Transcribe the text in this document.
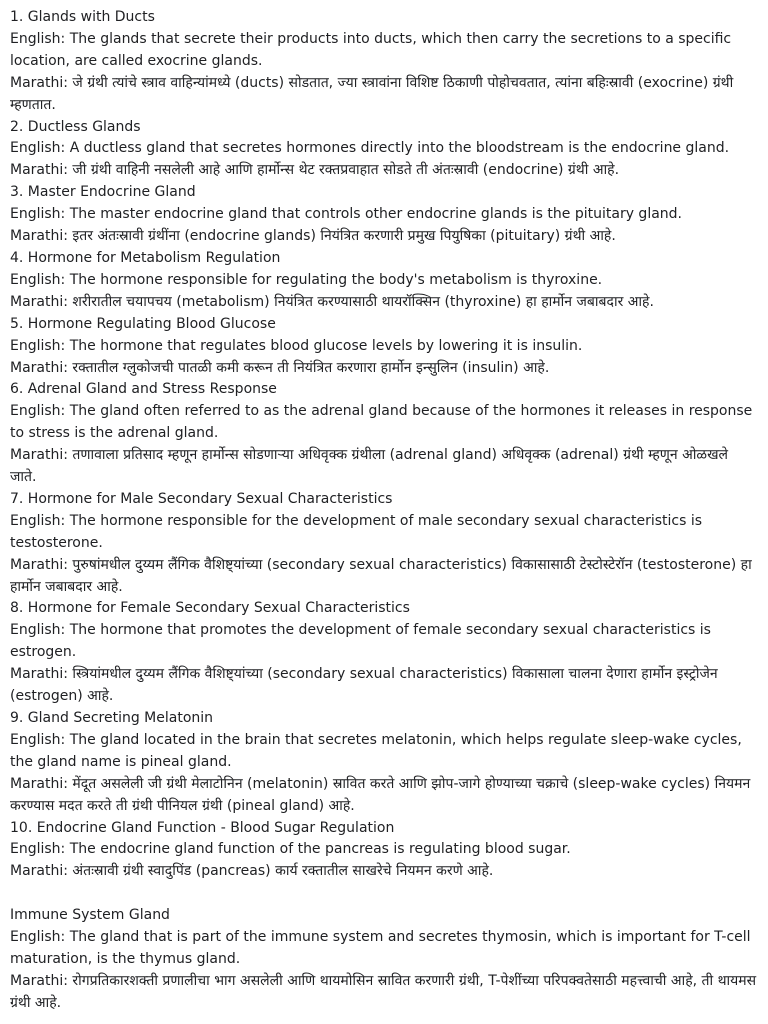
1. Glands with Ducts

English: The glands that secrete their products into ducts, which then carry the secretions to a specific location, are called exocrine glands.

Marathi: जे ग्रंथी त्यांचे स्त्राव वाहिन्यांमध्ये (ducts) सोडतात, ज्या स्त्रावांना विशिष्ट ठिकाणी पोहोचवतात, त्यांना बहिःस्रावी (exocrine) ग्रंथी म्हणतात.

2. Ductless Glands

English: A ductless gland that secretes hormones directly into the bloodstream is the endocrine gland.

Marathi: जी ग्रंथी वाहिनी नसलेली आहे आणि हार्मोन्स थेट रक्तप्रवाहात सोडते ती अंतःस्रावी (endocrine) ग्रंथी आहे.

3. Master Endocrine Gland

English: The master endocrine gland that controls other endocrine glands is the pituitary gland.

Marathi: इतर अंतःस्रावी ग्रंथींना (endocrine glands) नियंत्रित करणारी प्रमुख पियुषिका (pituitary) ग्रंथी आहे.

4. Hormone for Metabolism Regulation

English: The hormone responsible for regulating the body's metabolism is thyroxine.

Marathi: शरीरातील चयापचय (metabolism) नियंत्रित करण्यासाठी थायरॉक्सिन (thyroxine) हा हार्मोन जबाबदार आहे.

5. Hormone Regulating Blood Glucose

English: The hormone that regulates blood glucose levels by lowering it is insulin.

Marathi: रक्तातील ग्लुकोजची पातळी कमी करून ती नियंत्रित करणारा हार्मोन इन्सुलिन (insulin) आहे.

6. Adrenal Gland and Stress Response

English: The gland often referred to as the adrenal gland because of the hormones it releases in response to stress is the adrenal gland.

Marathi: तणावाला प्रतिसाद म्हणून हार्मोन्स सोडणाऱ्या अधिवृक्क ग्रंथीला (adrenal gland) अधिवृक्क (adrenal) ग्रंथी म्हणून ओळखले जाते.

7. Hormone for Male Secondary Sexual Characteristics

English: The hormone responsible for the development of male secondary sexual characteristics is testosterone.

Marathi: पुरुषांमधील दुय्यम लैंगिक वैशिष्ट्यांच्या (secondary sexual characteristics) विकासासाठी टेस्टोस्टेरॉन (testosterone) हा हार्मोन जबाबदार आहे.

8. Hormone for Female Secondary Sexual Characteristics

English: The hormone that promotes the development of female secondary sexual characteristics is estrogen.

Marathi: स्त्रियांमधील दुय्यम लैंगिक वैशिष्ट्यांच्या (secondary sexual characteristics) विकासाला चालना देणारा हार्मोन इस्ट्रोजेन (estrogen) आहे.

9. Gland Secreting Melatonin

English: The gland located in the brain that secretes melatonin, which helps regulate sleep-wake cycles, the gland name is pineal gland.

Marathi: मेंदूत असलेली जी ग्रंथी मेलाटोनिन (melatonin) स्रावित करते आणि झोप-जागे होण्याच्या चक्राचे (sleep-wake cycles) नियमन करण्यास मदत करते ती ग्रंथी पीनियल ग्रंथी (pineal gland) आहे.

10. Endocrine Gland Function - Blood Sugar Regulation

English: The endocrine gland function of the pancreas is regulating blood sugar.

Marathi: अंतःस्रावी ग्रंथी स्वादुपिंड (pancreas) कार्य रक्तातील साखरेचे नियमन करणे आहे.

Immune System Gland

English: The gland that is part of the immune system and secretes thymosin, which is important for T-cell maturation, is the thymus gland.

Marathi: रोगप्रतिकारशक्ती प्रणालीचा भाग असलेली आणि थायमोसिन स्रावित करणारी ग्रंथी, T-पेशींच्या परिपक्वतेसाठी महत्त्वाची आहे, ती थायमस ग्रंथी आहे.
